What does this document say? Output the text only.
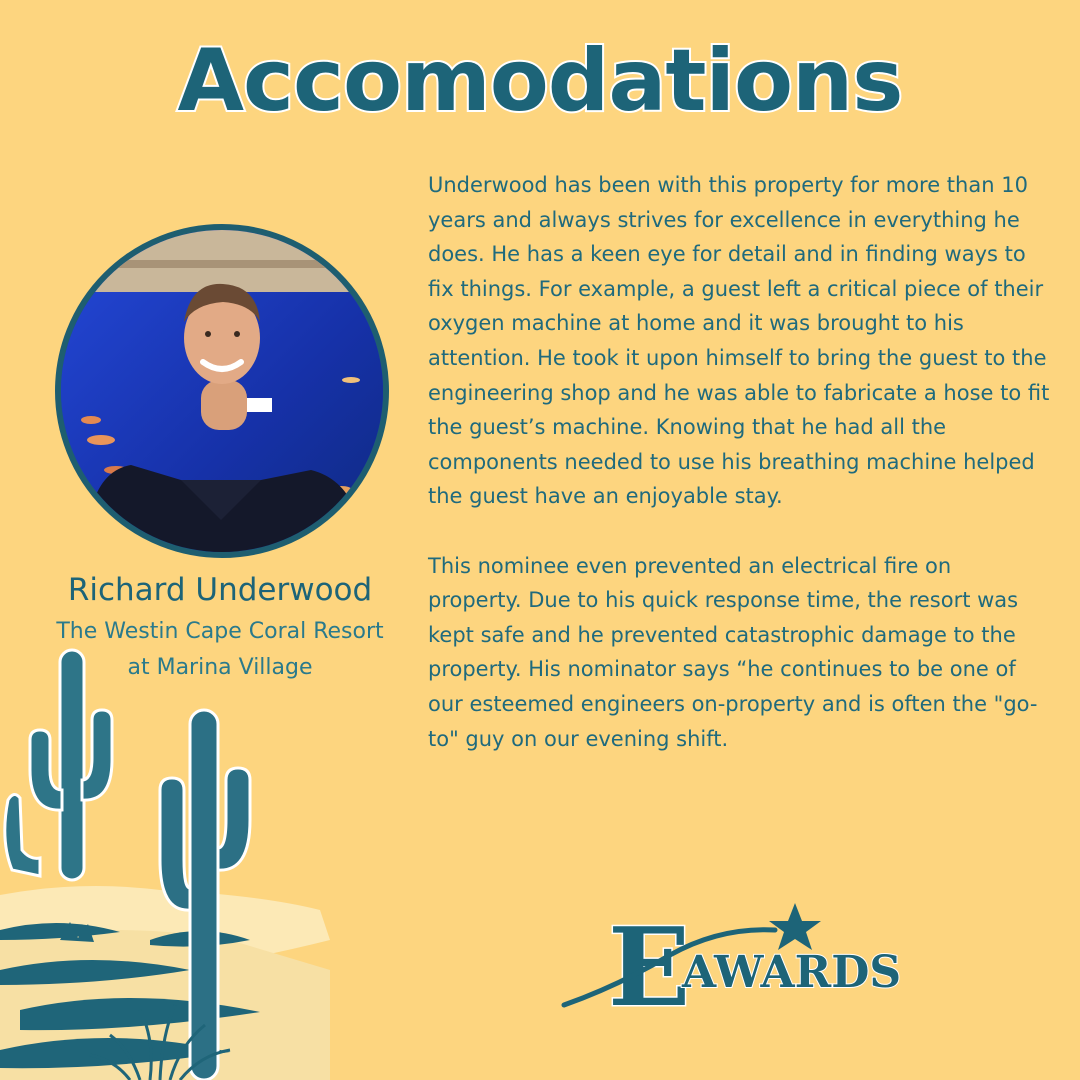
Accomodations
Richard Underwood
The Westin Cape Coral Resort
at Marina Village

Underwood has been with this property for more than 10 years and always strives for excellence in everything he does. He has a keen eye for detail and in finding ways to fix things. For example, a guest left a critical piece of their oxygen machine at home and it was brought to his attention. He took it upon himself to bring the guest to the engineering shop and he was able to fabricate a hose to fit the guest’s machine. Knowing that he had all the components needed to use his breathing machine helped the guest have an enjoyable stay.

This nominee even prevented an electrical fire on property. Due to his quick response time, the resort was kept safe and he prevented catastrophic damage to the property. His nominator says “he continues to be one of our esteemed engineers on-property and is often the "go-to" guy on our evening shift.

E
AWARDS
